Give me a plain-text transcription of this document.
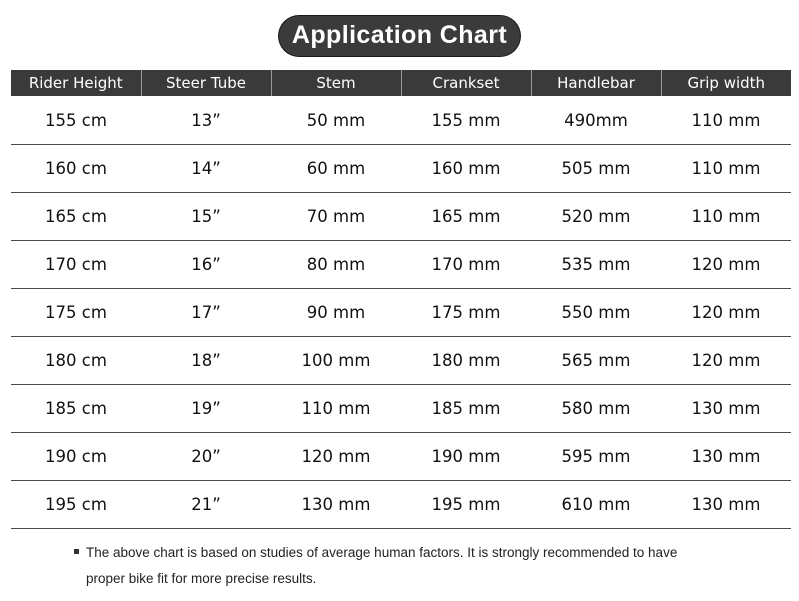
Application Chart
Rider Height	Steer Tube	Stem	Crankset	Handlebar	Grip width
155 cm	13”	50 mm	155 mm	490mm	110 mm
160 cm	14”	60 mm	160 mm	505 mm	110 mm
165 cm	15”	70 mm	165 mm	520 mm	110 mm
170 cm	16”	80 mm	170 mm	535 mm	120 mm
175 cm	17”	90 mm	175 mm	550 mm	120 mm
180 cm	18”	100 mm	180 mm	565 mm	120 mm
185 cm	19”	110 mm	185 mm	580 mm	130 mm
190 cm	20”	120 mm	190 mm	595 mm	130 mm
195 cm	21”	130 mm	195 mm	610 mm	130 mm
The above chart is based on studies of average human factors. It is strongly recommended to have
proper bike fit for more precise results.
